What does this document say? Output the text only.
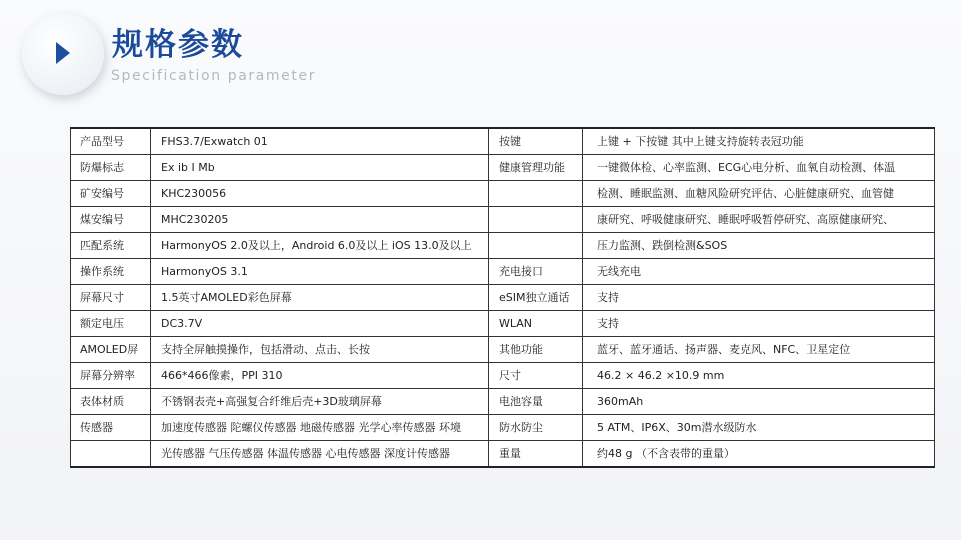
规格参数
Specification parameter
产品型号	FHS3.7/Exwatch 01	按键	上键 + 下按键 其中上键支持旋转表冠功能
防爆标志	Ex ib I Mb	健康管理功能	一键微体检、心率监测、ECG心电分析、血氧自动检测、体温
矿安编号	KHC230056		检测、睡眠监测、血糖风险研究评估、心脏健康研究、血管健
煤安编号	MHC230205		康研究、呼吸健康研究、睡眠呼吸暂停研究、高原健康研究、
匹配系统	HarmonyOS 2.0及以上，Android 6.0及以上 iOS 13.0及以上		压力监测、跌倒检测&SOS
操作系统	HarmonyOS 3.1	充电接口	无线充电
屏幕尺寸	1.5英寸AMOLED彩色屏幕	eSIM独立通话	支持
额定电压	DC3.7V	WLAN	支持
AMOLED屏	支持全屏触摸操作，包括滑动、点击、长按	其他功能	蓝牙、蓝牙通话、扬声器、麦克风、NFC、卫星定位
屏幕分辨率	466*466像素，PPI 310	尺寸	46.2 × 46.2 ×10.9 mm
表体材质	不锈钢表壳+高强复合纤维后壳+3D玻璃屏幕	电池容量	360mAh
传感器	加速度传感器 陀螺仪传感器 地磁传感器 光学心率传感器 环境	防水防尘	5 ATM、IP6X、30m潜水级防水
	光传感器 气压传感器 体温传感器 心电传感器 深度计传感器	重量	约48 g （不含表带的重量）
